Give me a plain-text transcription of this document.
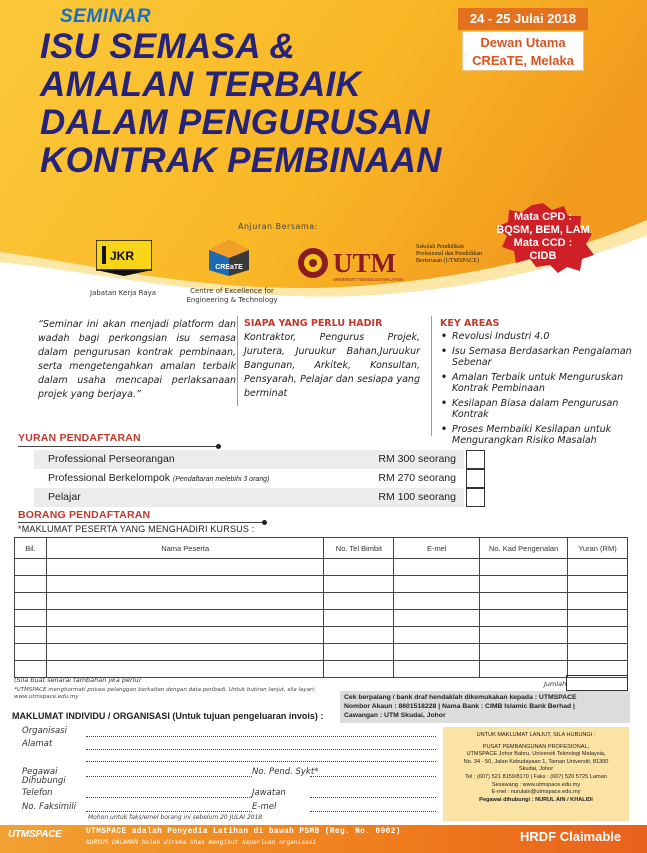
SEMINAR
ISU SEMASA &
AMALAN TERBAIK
DALAM PENGURUSAN
KONTRAK PEMBINAAN
24 - 25 Julai 2018
Dewan Utama
CREaTE, Melaka
Mata CPD :
BQSM, BEM, LAM
Mata CCD :
CIDB
Anjuran Bersama:
JKR
Jabatan Kerja Raya
CREaTE
Centre of Excellence for Engineering & Technology
UTM
UNIVERSITI TEKNOLOGI MALAYSIA
Sekolah Pendidikan Profesional dan Pendidikan Berterusan (UTMSPACE)
“Seminar ini akan menjadi platform dan wadah bagi perkongsian isu semasa dalam pengurusan kontrak pembinaan, serta mengetengahkan amalan terbaik dalam usaha mencapai perlaksanaan projek yang berjaya.”
SIAPA YANG PERLU HADIR
Kontraktor, Pengurus Projek, Jurutera, Juruukur Bahan,Juruukur Bangunan, Arkitek, Konsultan, Pensyarah, Pelajar dan sesiapa yang berminat
KEY AREAS
• Revolusi Industri 4.0
• Isu Semasa Berdasarkan Pengalaman Sebenar
• Amalan Terbaik untuk Menguruskan Kontrak Pembinaan
• Kesilapan Biasa dalam Pengurusan Kontrak
• Proses Membaiki Kesilapan untuk Mengurangkan Risiko Masalah
YURAN PENDAFTARAN
Professional Perseorangan	RM 300 seorang
Professional Berkelompok (Pendaftaran melebihi 3 orang)	RM 270 seorang
Pelajar	RM 100 seorang
BORANG PENDAFTARAN
*MAKLUMAT PESERTA YANG MENGHADIRI KURSUS :
Bil.	Nama Peserta	No. Tel Bimbit	E-mel	No. Kad Pengenalan	Yuran (RM)

(Sila buat senarai tambahan jika perlu)	Jumlah
*UTMSPACE menghormati privasi pelanggan berkaitan dengan data peribadi. Untuk butiran lanjut, sila layari: www.utmspace.edu.my	Cek berpalang / bank draf hendaklah dikemukakan kepada : UTMSPACE
Nombor Akaun : 8601518228 | Nama Bank : CIMB Islamic Bank Berhad |
Cawangan : UTM Skudai, Johor
MAKLUMAT INDIVIDU / ORGANISASI (Untuk tujuan pengeluaran invois) :
Organisasi
Alamat
Pegawai Dihubungi
No. Pend. Sykt*
Telefon	Jawatan
No. Faksimili	E-mel
Mohon untuk faks/emel borang ini sebelum 20 JULAI 2018
UNTUK MAKLUMAT LANJUT, SILA HUBUNGI :
PUSAT PEMBANGUNAN PROFESIONAL,
UTMSPACE Johor Bahru, Universiti Teknologi Malaysia,
No. 34 - 50, Jalan Kebudayaan 1, Taman Universiti, 81300
Skudai, Johor
Tel : (607) 521 8159/8170 | Faks : (607) 520 5725 Laman
Sesawang : www.utmspace.edu.my
E-mel : nurulain@utmspace.edu.my
Pegawai dihubungi : NURUL AIN / KHALIDI
UTMSPACE	UTMSPACE adalah Penyedia Latihan di bawah PSMB (Reg. No. 0902)
KURSUS DALAMAN boleh direka khas mengikut keperluan organisasi	HRDF Claimable
